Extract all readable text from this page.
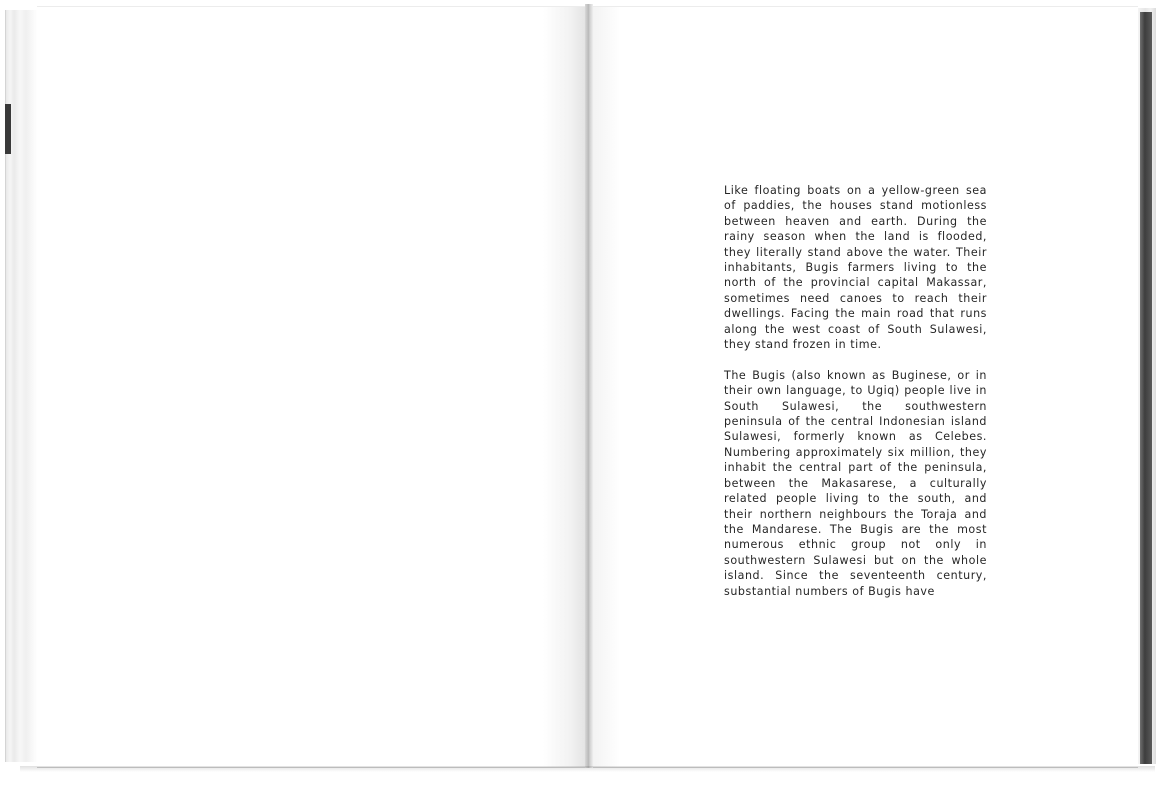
Like floating boats on a yellow-green sea of paddies, the houses stand motionless between heaven and earth. During the rainy season when the land is flooded, they literally stand above the water. Their inhabitants, Bugis farmers living to the north of the provincial capital Makassar, sometimes need canoes to reach their dwellings. Facing the main road that runs along the west coast of South Sulawesi, they stand frozen in time.

The Bugis (also known as Buginese, or in their own language, to Ugiq) people live in South Sulawesi, the southwestern peninsula of the central Indonesian island Sulawesi, formerly known as Celebes. Numbering approximately six million, they inhabit the central part of the peninsula, between the Makasarese, a culturally related people living to the south, and their northern neighbours the Toraja and the Mandarese. The Bugis are the most numerous ethnic group not only in southwestern Sulawesi but on the whole island. Since the seventeenth century, substantial numbers of Bugis have
